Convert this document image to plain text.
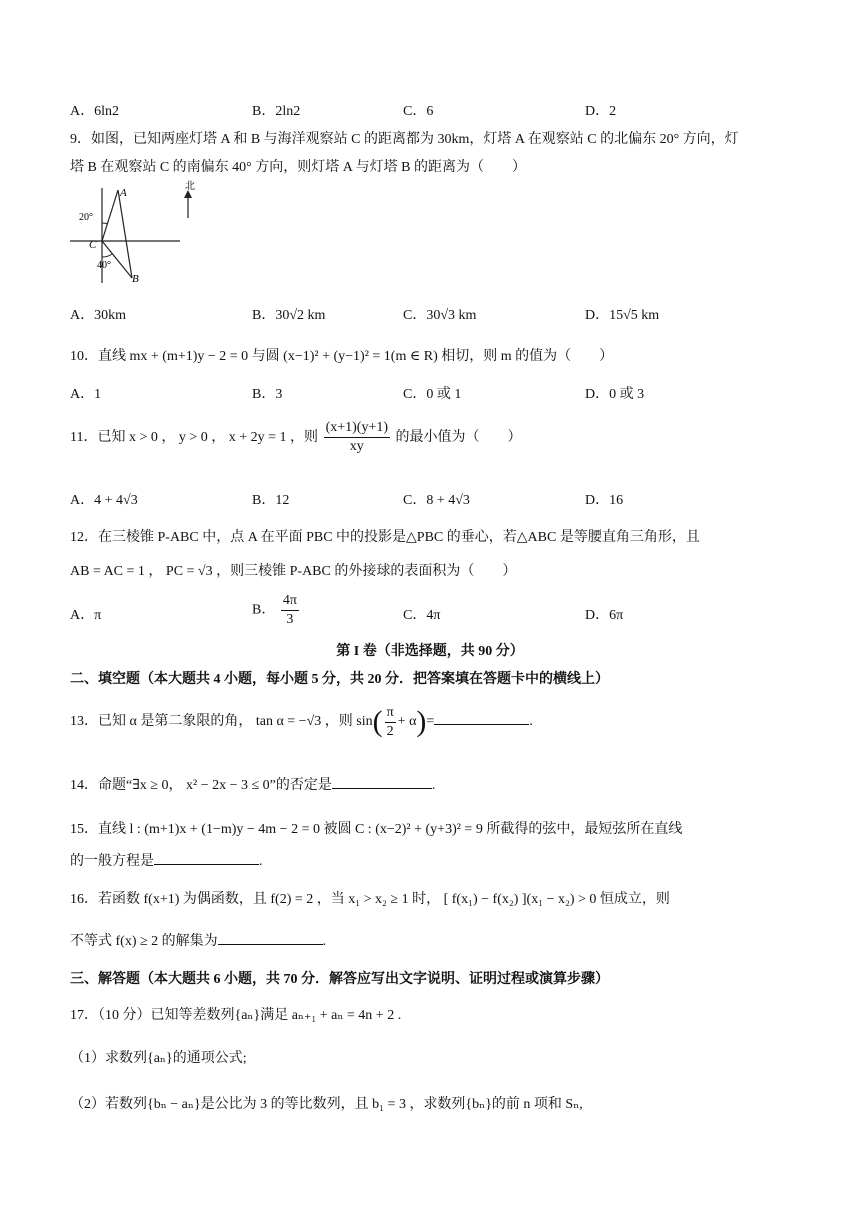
A．6ln2	B．2ln2	C．6	D．2
9．如图，已知两座灯塔 A 和 B 与海洋观察站 C 的距离都为 30km，灯塔 A 在观察站 C 的北偏东 20° 方向，灯
塔 B 在观察站 C 的南偏东 40° 方向，则灯塔 A 与灯塔 B 的距离为（　　）
A
B
C
20°
40°
北
A．30km	B．30√2 km	C．30√3 km	D．15√5 km
10．直线 mx + (m+1)y − 2 = 0 与圆 (x−1)² + (y−1)² = 1(m ∈ R) 相切，则 m 的值为（　　）
A．1	B．3	C．0 或 1	D．0 或 3
11．已知 x > 0 ， y > 0 ， x + 2y = 1 ，则 $\frac{(x+1)(y+1)}{xy}$ 的最小值为（　　）
A．4 + 4√3	B．12	C．8 + 4√3	D．16
12．在三棱锥 P-ABC 中，点 A 在平面 PBC 中的投影是△PBC 的垂心，若△ABC 是等腰直角三角形，且
AB = AC = 1 ， PC = √3 ，则三棱锥 P-ABC 的外接球的表面积为（　　）
A．π	B． $\frac{4\pi}{3}$	C．4π	D．6π
第 I 卷（非选择题，共 90 分）
二、填空题（本大题共 4 小题，每小题 5 分，共 20 分．把答案填在答题卡中的横线上）
13．已知 α 是第二象限的角， tan α = −√3 ，则 $\sin( \frac{\pi}{2} + \alpha)=$	.
14．命题“∃x ≥ 0， x² − 2x − 3 ≤ 0”的否定是	.
15．直线 l : (m+1)x + (1−m)y − 4m − 2 = 0 被圆 C : (x−2)² + (y+3)² = 9 所截得的弦中，最短弦所在直线
的一般方程是	.
16．若函数 f(x+1) 为偶函数，且 f(2) = 2 ，当 x₁ > x₂ ≥ 1 时， [ f(x₁) − f(x₂) ](x₁ − x₂) > 0 恒成立，则
不等式 f(x) ≥ 2 的解集为	.
三、解答题（本大题共 6 小题，共 70 分．解答应写出文字说明、证明过程或演算步骤）
17．（10 分）已知等差数列{aₙ}满足 aₙ₊₁ + aₙ = 4n + 2 .
（1）求数列{aₙ}的通项公式;
（2）若数列{bₙ − aₙ}是公比为 3 的等比数列，且 b₁ = 3 ，求数列{bₙ}的前 n 项和 Sₙ,
